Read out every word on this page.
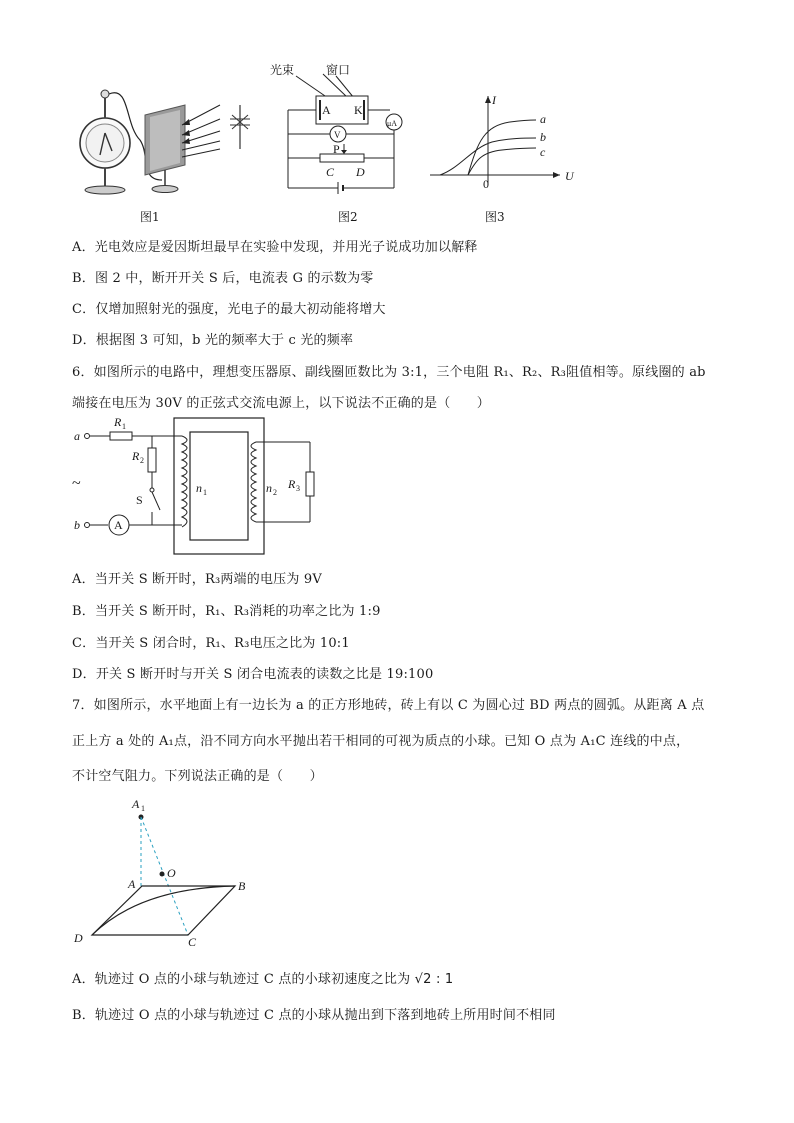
图1
光束	窗口
A K
μA
V
P
C D
图2
I
U
0
a
b
c
图3
A．光电效应是爱因斯坦最早在实验中发现，并用光子说成功加以解释
B．图 2 中，断开开关 S 后，电流表 G 的示数为零
C．仅增加照射光的强度，光电子的最大初动能将增大
D．根据图 3 可知，b 光的频率大于 c 光的频率
6．如图所示的电路中，理想变压器原、副线圈匝数比为 3:1，三个电阻 R₁、R₂、R₃阻值相等。原线圈的 ab
端接在电压为 30V 的正弦式交流电源上，以下说法不正确的是（　　）
a
R 1
R 2
S
~
b	A
n 1	n 2
R 3
A．当开关 S 断开时，R₃两端的电压为 9V
B．当开关 S 断开时，R₁、R₃消耗的功率之比为 1:9
C．当开关 S 闭合时，R₁、R₃电压之比为 10:1
D．开关 S 断开时与开关 S 闭合电流表的读数之比是 19:100
7．如图所示，水平地面上有一边长为 a 的正方形地砖，砖上有以 C 为圆心过 BD 两点的圆弧。从距离 A 点
正上方 a 处的 A₁点，沿不同方向水平抛出若干相同的可视为质点的小球。已知 O 点为 A₁C 连线的中点，
不计空气阻力。下列说法正确的是（　　）
A 1
O
A	B
C
D
A．轨迹过 O 点的小球与轨迹过 C 点的小球初速度之比为 √2 : 1
B．轨迹过 O 点的小球与轨迹过 C 点的小球从抛出到下落到地砖上所用时间不相同
